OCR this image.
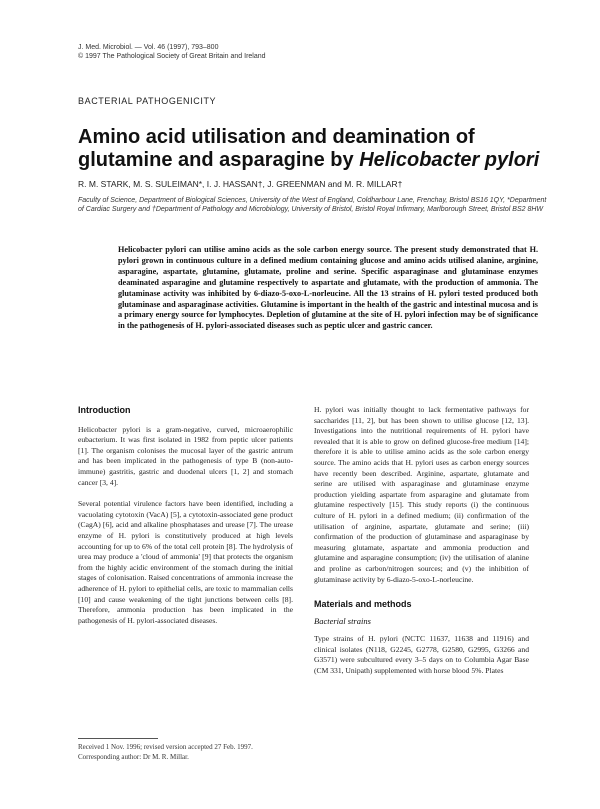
J. Med. Microbiol. — Vol. 46 (1997), 793–800
© 1997 The Pathological Society of Great Britain and Ireland
BACTERIAL PATHOGENICITY
Amino acid utilisation and deamination of glutamine and asparagine by Helicobacter pylori
R. M. STARK, M. S. SULEIMAN*, I. J. HASSAN†, J. GREENMAN and M. R. MILLAR†
Faculty of Science, Department of Biological Sciences, University of the West of England, Coldharbour Lane, Frenchay, Bristol BS16 1QY, *Department of Cardiac Surgery and †Department of Pathology and Microbiology, University of Bristol, Bristol Royal Infirmary, Marlborough Street, Bristol BS2 8HW
Helicobacter pylori can utilise amino acids as the sole carbon energy source. The present study demonstrated that H. pylori grown in continuous culture in a defined medium containing glucose and amino acids utilised alanine, arginine, asparagine, aspartate, glutamine, glutamate, proline and serine. Specific asparaginase and glutaminase enzymes deaminated asparagine and glutamine respectively to aspartate and glutamate, with the production of ammonia. The glutaminase activity was inhibited by 6-diazo-5-oxo-L-norleucine. All the 13 strains of H. pylori tested produced both glutaminase and asparaginase activities. Glutamine is important in the health of the gastric and intestinal mucosa and is a primary energy source for lymphocytes. Depletion of glutamine at the site of H. pylori infection may be of significance in the pathogenesis of H. pylori-associated diseases such as peptic ulcer and gastric cancer.
Introduction

Helicobacter pylori is a gram-negative, curved, microaerophilic eubacterium. It was first isolated in 1982 from peptic ulcer patients [1]. The organism colonises the mucosal layer of the gastric antrum and has been implicated in the pathogenesis of type B (non-auto-immune) gastritis, gastric and duodenal ulcers [1, 2] and stomach cancer [3, 4].

Several potential virulence factors have been identified, including a vacuolating cytotoxin (VacA) [5], a cytotoxin-associated gene product (CagA) [6], acid and alkaline phosphatases and urease [7]. The urease enzyme of H. pylori is constitutively produced at high levels accounting for up to 6% of the total cell protein [8]. The hydrolysis of urea may produce a 'cloud of ammonia' [9] that protects the organism from the highly acidic environment of the stomach during the initial stages of colonisation. Raised concentrations of ammonia increase the adherence of H. pylori to epithelial cells, are toxic to mammalian cells [10] and cause weakening of the tight junctions between cells [8]. Therefore, ammonia production has been implicated in the pathogenesis of H. pylori-associated diseases.

H. pylori was initially thought to lack fermentative pathways for saccharides [11, 2], but has been shown to utilise glucose [12, 13]. Investigations into the nutritional requirements of H. pylori have revealed that it is able to grow on defined glucose-free medium [14]; therefore it is able to utilise amino acids as the sole carbon energy source. The amino acids that H. pylori uses as carbon energy sources have recently been described. Arginine, aspartate, glutamate and serine are utilised with asparaginase and glutaminase enzyme production yielding aspartate from asparagine and glutamate from glutamine respectively [15]. This study reports (i) the continuous culture of H. pylori in a defined medium; (ii) confirmation of the utilisation of arginine, aspartate, glutamate and serine; (iii) confirmation of the production of glutaminase and asparaginase by measuring glutamate, aspartate and ammonia production and glutamine and asparagine consumption; (iv) the utilisation of alanine and proline as carbon/nitrogen sources; and (v) the inhibition of glutaminase activity by 6-diazo-5-oxo-L-norleucine.

Materials and methods
Bacterial strains

Type strains of H. pylori (NCTC 11637, 11638 and 11916) and clinical isolates (N118, G2245, G2778, G2580, G2995, G3266 and G3571) were subcultured every 3–5 days on to Columbia Agar Base (CM 331, Unipath) supplemented with horse blood 5%. Plates

Received 1 Nov. 1996; revised version accepted 27 Feb. 1997.

Corresponding author: Dr M. R. Millar.
